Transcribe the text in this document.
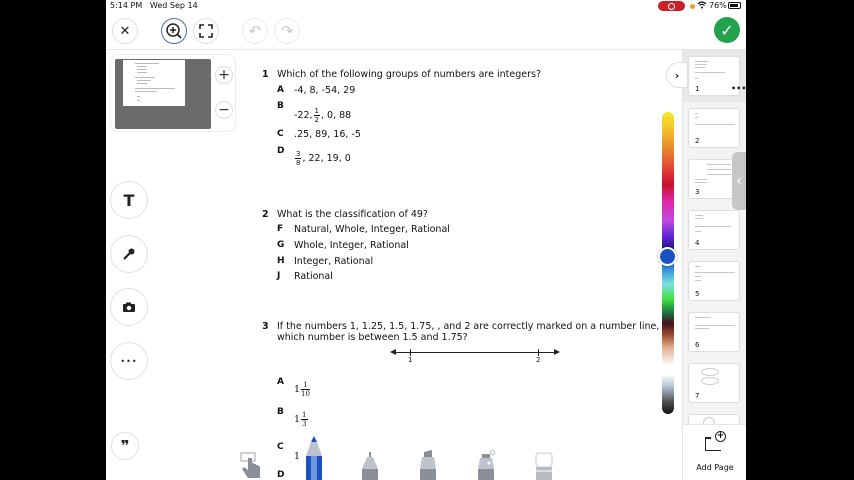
5:14 PM Wed Sep 14	76%
✕	↶ ↷	✓
+
−
T
•••
❞
1 Which of the following groups of numbers are integers?
A -4, 8, -54, 29
B
-22, $\frac{1}{2}$ , 0, 88
C .25, 89, 16, -5
D $\frac{3}{8}$ , 22, 19, 0
2 What is the classification of 49?
F Natural, Whole, Integer, Rational
G Whole, Integer, Rational
H Integer, Rational
J Rational
3 If the numbers 1, 1.25, 1.5, 1.75, , and 2 are correctly marked on a number line,
which number is between 1.5 and 1.75?
1	2
A
$1 \frac{1}{10}$
B
$1 \frac{1}{3}$
C
1
D
1	•••
2
3
4
5
6
7
›
‹
+
Add Page
